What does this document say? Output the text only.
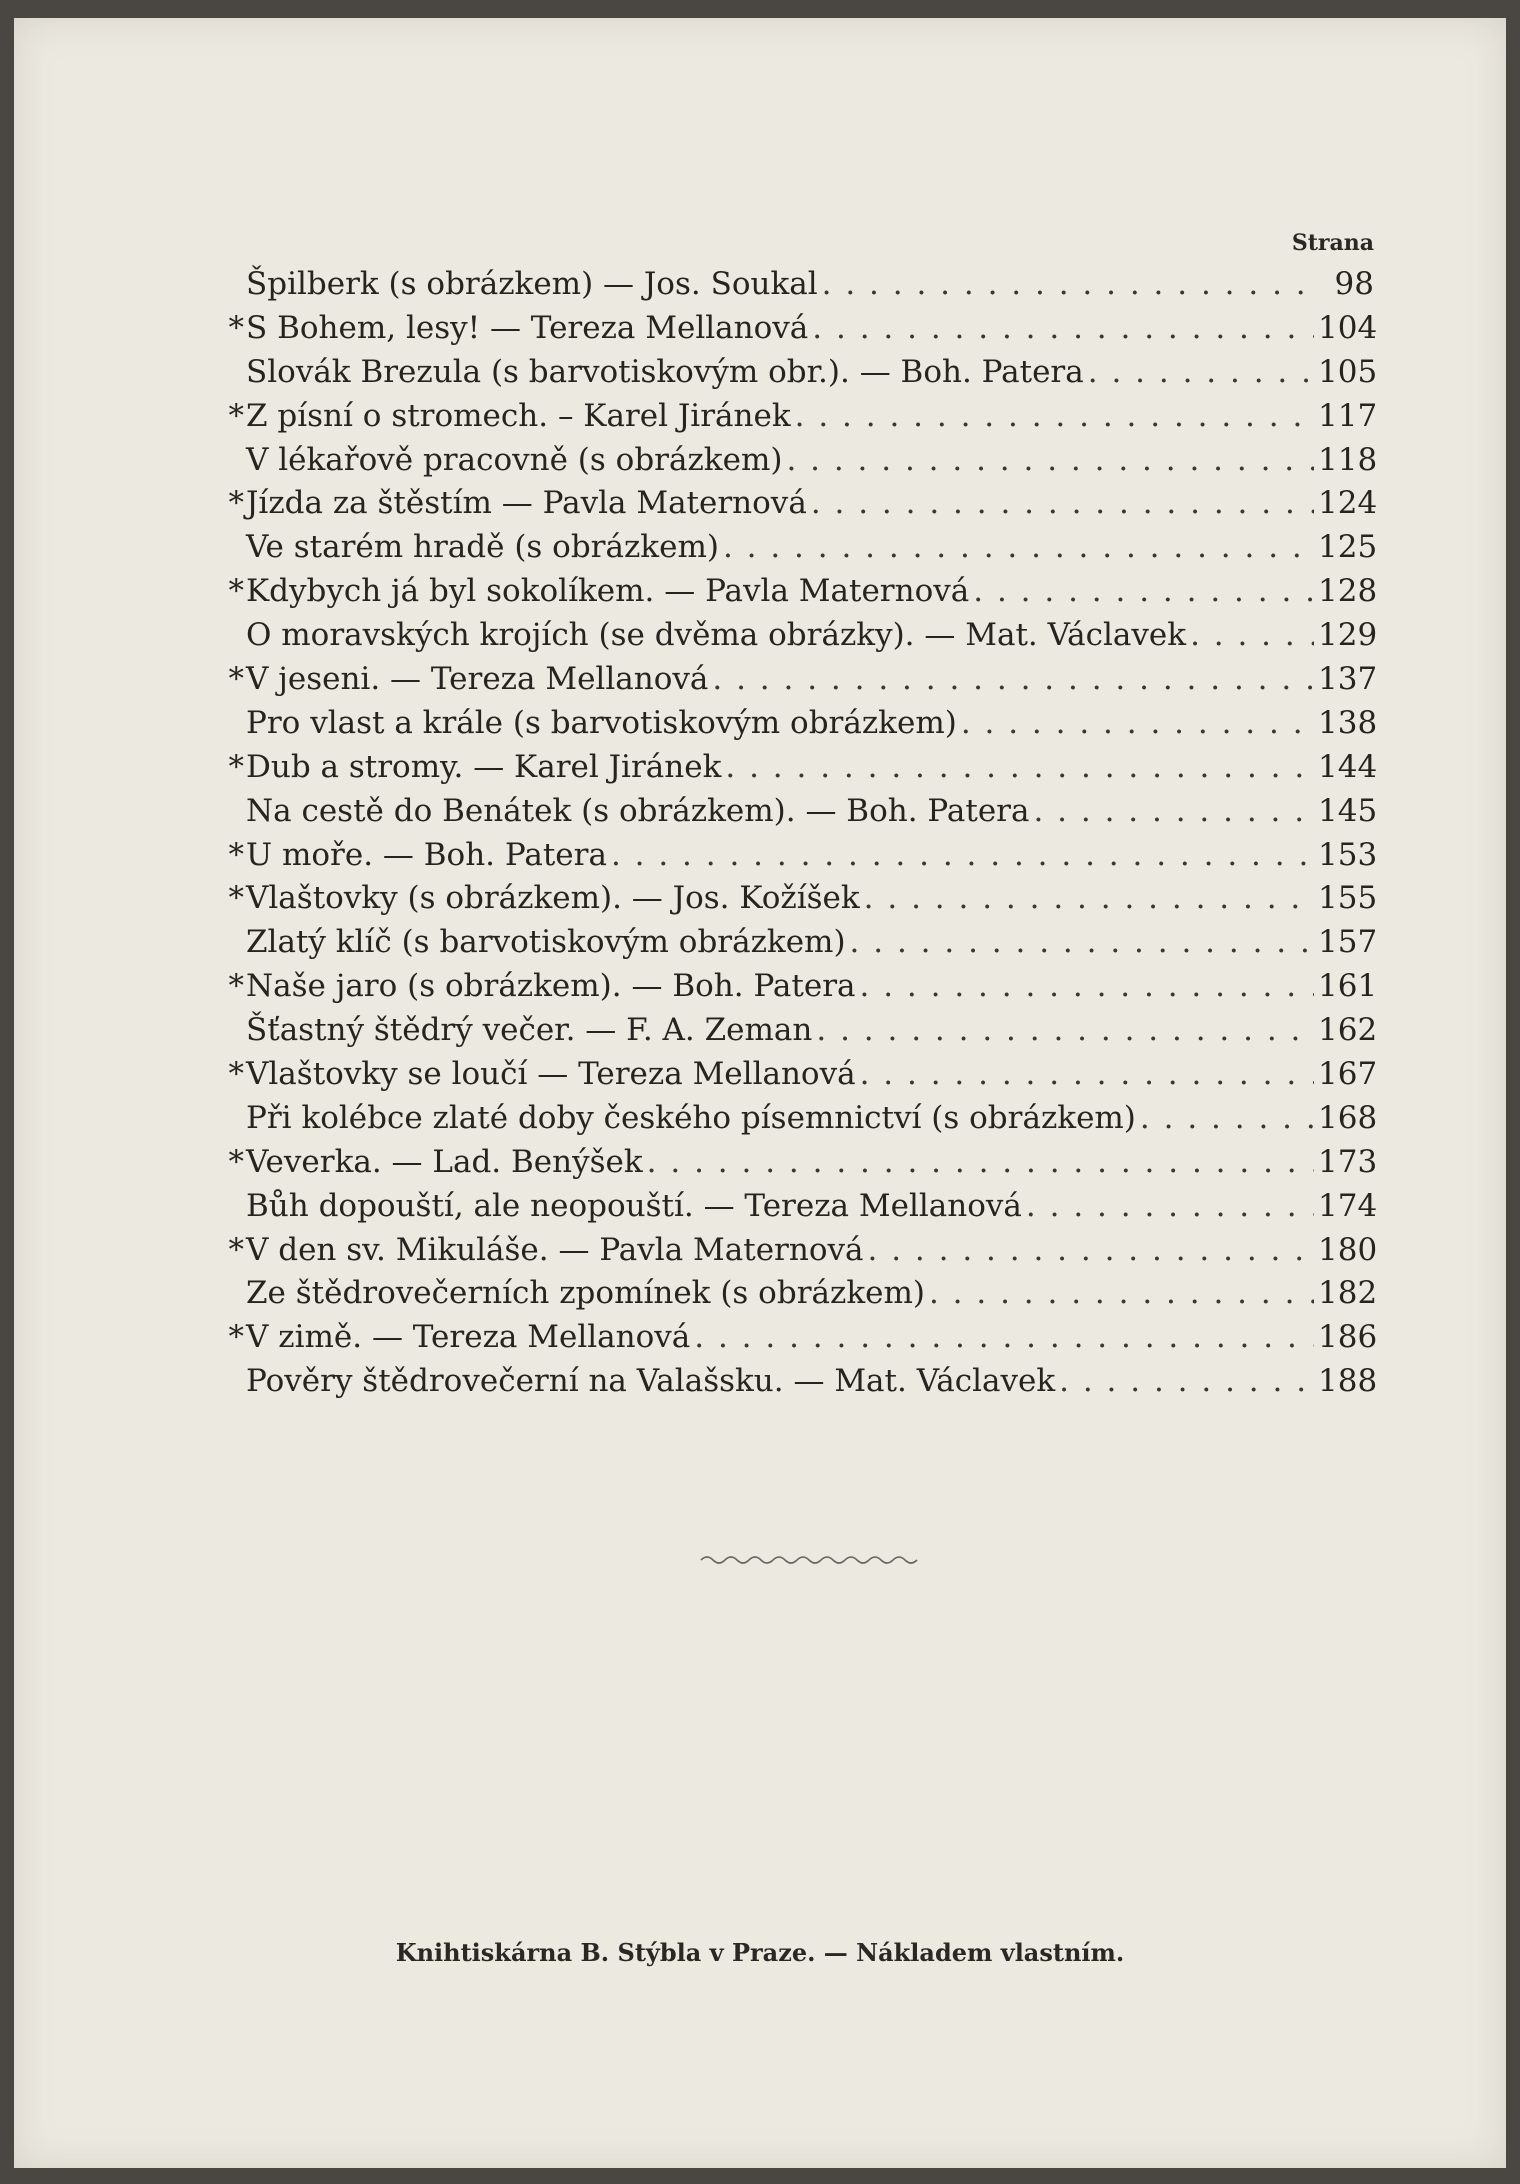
Strana
Špilberk (s obrázkem) — Jos. Soukal . . .	98
* S Bohem, lesy! — Tereza Mellanová . . .	104
Slovák Brezula (s barvotiskovým obr.). — Boh. Patera . . .	105
* Z písní o stromech. – Karel Jiránek . . .	117
V lékařově pracovně (s obrázkem) . . .	118
* Jízda za štěstím — Pavla Maternová . . .	124
Ve starém hradě (s obrázkem) . . .	125
* Kdybych já byl sokolíkem. — Pavla Maternová . . .	128
O moravských krojích (se dvěma obrázky). — Mat. Václavek . . .	129
* V jeseni. — Tereza Mellanová . . .	137
Pro vlast a krále (s barvotiskovým obrázkem) . . .	138
* Dub a stromy. — Karel Jiránek . . .	144
Na cestě do Benátek (s obrázkem). — Boh. Patera . . .	145
* U moře. — Boh. Patera . . .	153
* Vlaštovky (s obrázkem). — Jos. Kožíšek . . .	155
Zlatý klíč (s barvotiskovým obrázkem) . . .	157
* Naše jaro (s obrázkem). — Boh. Patera . . .	161
Šťastný štědrý večer. — F. A. Zeman . . .	162
* Vlaštovky se loučí — Tereza Mellanová . . .	167
Při kolébce zlaté doby českého písemnictví (s obrázkem) . . .	168
* Veverka. — Lad. Benýšek . . .	173
Bůh dopouští, ale neopouští. — Tereza Mellanová . . .	174
* V den sv. Mikuláše. — Pavla Maternová . . .	180
Ze štědrovečerních zpomínek (s obrázkem) . . .	182
* V zimě. — Tereza Mellanová . . .	186
Pověry štědrovečerní na Valašsku. — Mat. Václavek . . .	188
Knihtiskárna B. Stýbla v Praze. — Nákladem vlastním.
